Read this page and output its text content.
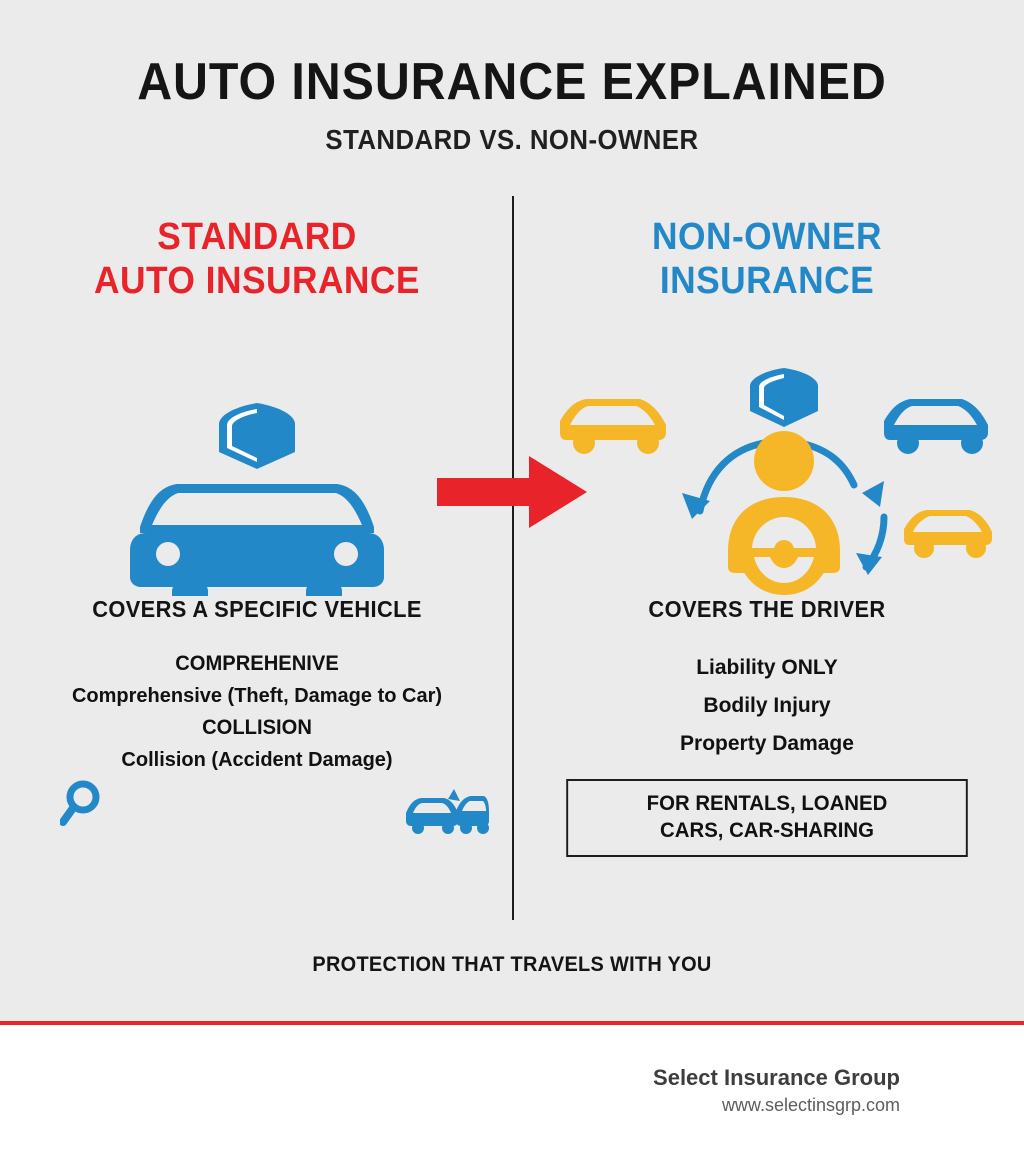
AUTO INSURANCE EXPLAINED
STANDARD VS. NON-OWNER
STANDARD
AUTO INSURANCE
COVERS A SPECIFIC VEHICLE
COMPREHENIVE
Comprehensive (Theft, Damage to Car)
COLLISION
Collision (Accident Damage)
NON-OWNER
INSURANCE
COVERS THE DRIVER
Liability ONLY
Bodily Injury
Property Damage
FOR RENTALS, LOANED
CARS, CAR-SHARING
PROTECTION THAT TRAVELS WITH YOU
Select Insurance Group
www.selectinsgrp.com
